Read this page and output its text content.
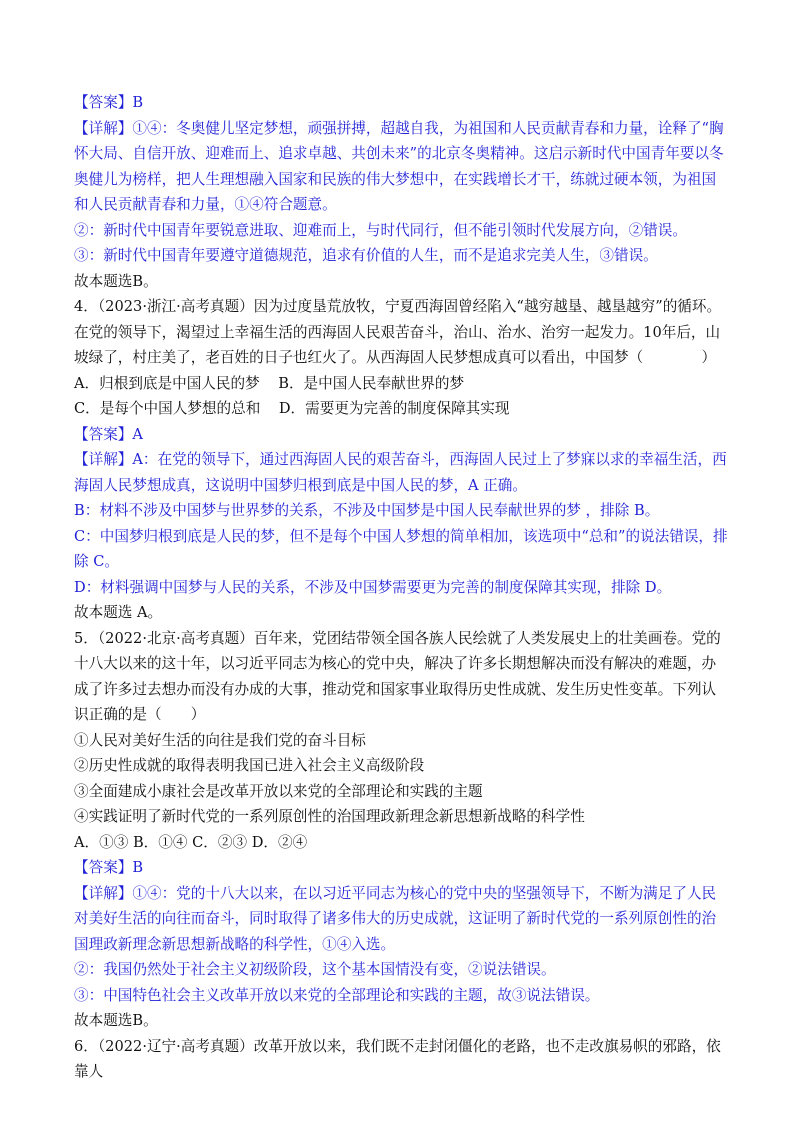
【答案】B

【详解】①④：冬奥健儿坚定梦想，顽强拼搏，超越自我，为祖国和人民贡献青春和力量，诠释了“胸怀大局、自信开放、迎难而上、追求卓越、共创未来”的北京冬奥精神。这启示新时代中国青年要以冬奥健儿为榜样，把人生理想融入国家和民族的伟大梦想中，在实践增长才干，练就过硬本领，为祖国和人民贡献青春和力量，①④符合题意。

②：新时代中国青年要锐意进取、迎难而上，与时代同行，但不能引领时代发展方向，②错误。

③：新时代中国青年要遵守道德规范，追求有价值的人生，而不是追求完美人生，③错误。

故本题选B。

4．（2023·浙江·高考真题）因为过度垦荒放牧，宁夏西海固曾经陷入“越穷越垦、越垦越穷”的循环。在党的领导下，渴望过上幸福生活的西海固人民艰苦奋斗，治山、治水、治穷一起发力。10年后，山坡绿了，村庄美了，老百姓的日子也红火了。从西海固人民梦想成真可以看出，中国梦（　　　　）

A．归根到底是中国人民的梦 B．是中国人民奉献世界的梦

C．是每个中国人梦想的总和 D．需要更为完善的制度保障其实现

【答案】A

【详解】A：在党的领导下，通过西海固人民的艰苦奋斗，西海固人民过上了梦寐以求的幸福生活，西海固人民梦想成真，这说明中国梦归根到底是中国人民的梦，A 正确。

B：材料不涉及中国梦与世界梦的关系，不涉及中国梦是中国人民奉献世界的梦 ，排除 B。

C：中国梦归根到底是人民的梦，但不是每个中国人梦想的简单相加，该选项中“总和”的说法错误，排除 C。

D：材料强调中国梦与人民的关系，不涉及中国梦需要更为完善的制度保障其实现，排除 D。

故本题选 A。

5．（2022·北京·高考真题）百年来，党团结带领全国各族人民绘就了人类发展史上的壮美画卷。党的十八大以来的这十年，以习近平同志为核心的党中央，解决了许多长期想解决而没有解决的难题，办成了许多过去想办而没有办成的大事，推动党和国家事业取得历史性成就、发生历史性变革。下列认识正确的是（　　）

①人民对美好生活的向往是我们党的奋斗目标

②历史性成就的取得表明我国已进入社会主义高级阶段

③全面建成小康社会是改革开放以来党的全部理论和实践的主题

④实践证明了新时代党的一系列原创性的治国理政新理念新思想新战略的科学性

A．①③ B．①④ C．②③ D．②④

【答案】B

【详解】①④：党的十八大以来，在以习近平同志为核心的党中央的坚强领导下，不断为满足了人民对美好生活的向往而奋斗，同时取得了诸多伟大的历史成就，这证明了新时代党的一系列原创性的治国理政新理念新思想新战略的科学性，①④入选。

②：我国仍然处于社会主义初级阶段，这个基本国情没有变，②说法错误。

③：中国特色社会主义改革开放以来党的全部理论和实践的主题，故③说法错误。

故本题选B。

6．（2022·辽宁·高考真题）改革开放以来，我们既不走封闭僵化的老路，也不走改旗易帜的邪路，依靠人
